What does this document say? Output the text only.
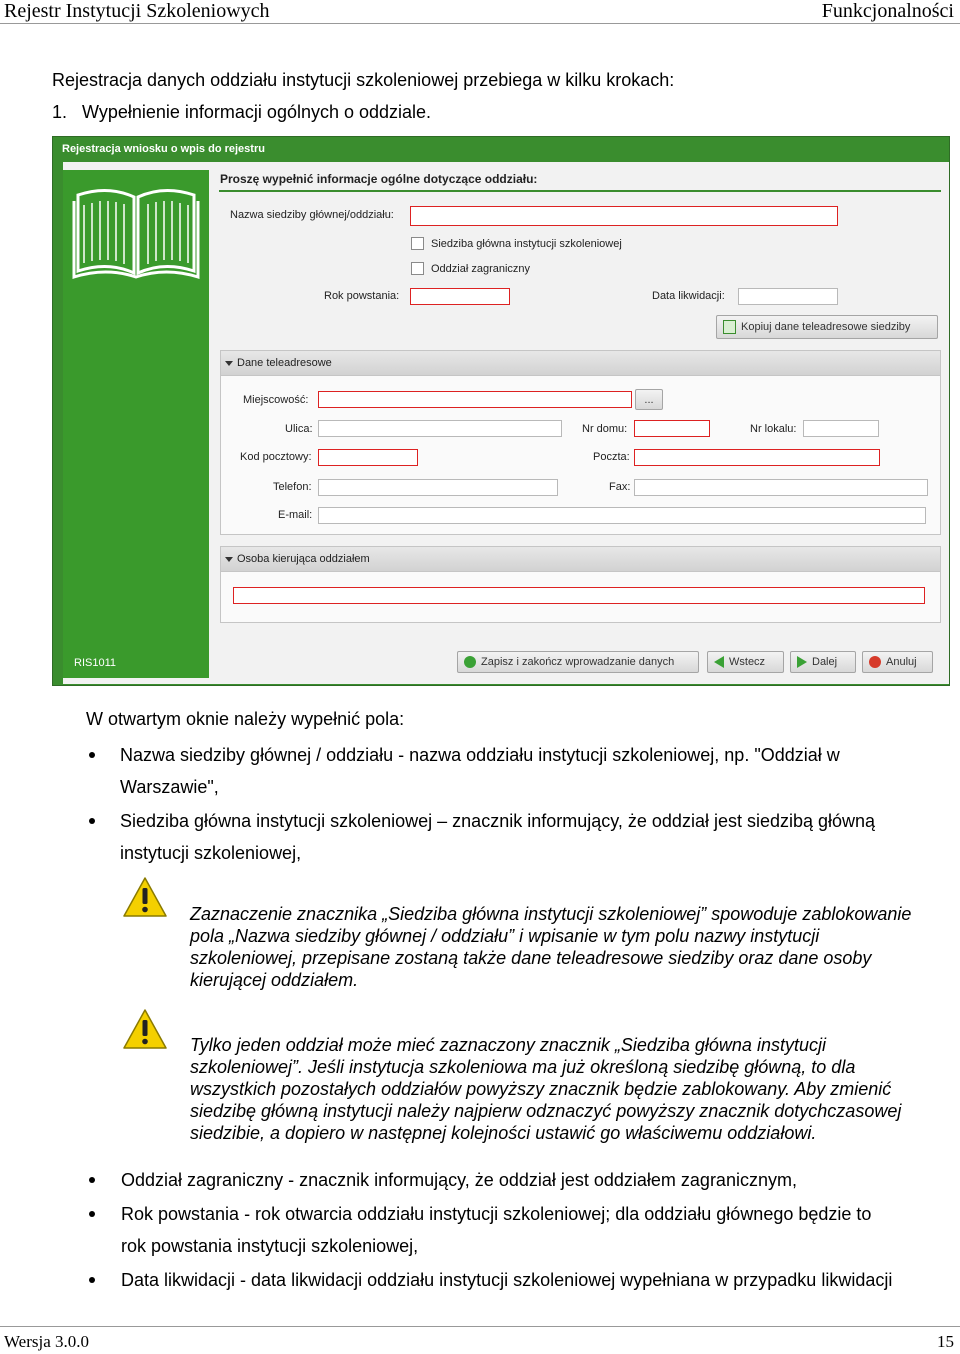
Rejestr Instytucji Szkoleniowych	Funkcjonalności
Rejestracja danych oddziału instytucji szkoleniowej przebiega w kilku krokach:
1.   Wypełnienie informacji ogólnych o oddziale.
Rejestracja wniosku o wpis do rejestru
RIS1011
Proszę wypełnić informacje ogólne dotyczące oddziału:
Nazwa siedziby głównej/oddziału:
Siedziba główna instytucji szkoleniowej
Oddział zagraniczny
Rok powstania:	Data likwidacji:
Kopiuj dane teleadresowe siedziby
Dane teleadresowe
Miejscowość:	...
Ulica:	Nr domu:	Nr lokalu:
Kod pocztowy:	Poczta:
Telefon:	Fax:
E-mail:
Osoba kierująca oddziałem
Zapisz i zakończ wprowadzanie danych	Wstecz	Dalej	Anuluj
W otwartym oknie należy wypełnić pola:
Nazwa siedziby głównej / oddziału - nazwa oddziału instytucji szkoleniowej, np. "Oddział w
Warszawie",
Siedziba główna instytucji szkoleniowej – znacznik informujący, że oddział jest siedzibą główną
instytucji szkoleniowej,
Zaznaczenie znacznika „Siedziba główna instytucji szkoleniowej” spowoduje zablokowanie
pola „Nazwa siedziby głównej / oddziału” i wpisanie w tym polu nazwy instytucji
szkoleniowej, przepisane zostaną także dane teleadresowe siedziby oraz dane osoby
kierującej oddziałem.
Tylko jeden oddział może mieć zaznaczony znacznik „Siedziba główna instytucji
szkoleniowej”. Jeśli instytucja szkoleniowa ma już określoną siedzibę główną, to dla
wszystkich pozostałych oddziałów powyższy znacznik będzie zablokowany. Aby zmienić
siedzibę główną instytucji należy najpierw odznaczyć powyższy znacznik dotychczasowej
siedzibie, a dopiero w następnej kolejności ustawić go właściwemu oddziałowi.
Oddział zagraniczny - znacznik informujący, że oddział jest oddziałem zagranicznym,
Rok powstania - rok otwarcia oddziału instytucji szkoleniowej; dla oddziału głównego będzie to
rok powstania instytucji szkoleniowej,
Data likwidacji - data likwidacji oddziału instytucji szkoleniowej wypełniana w przypadku likwidacji
Wersja 3.0.0	15
